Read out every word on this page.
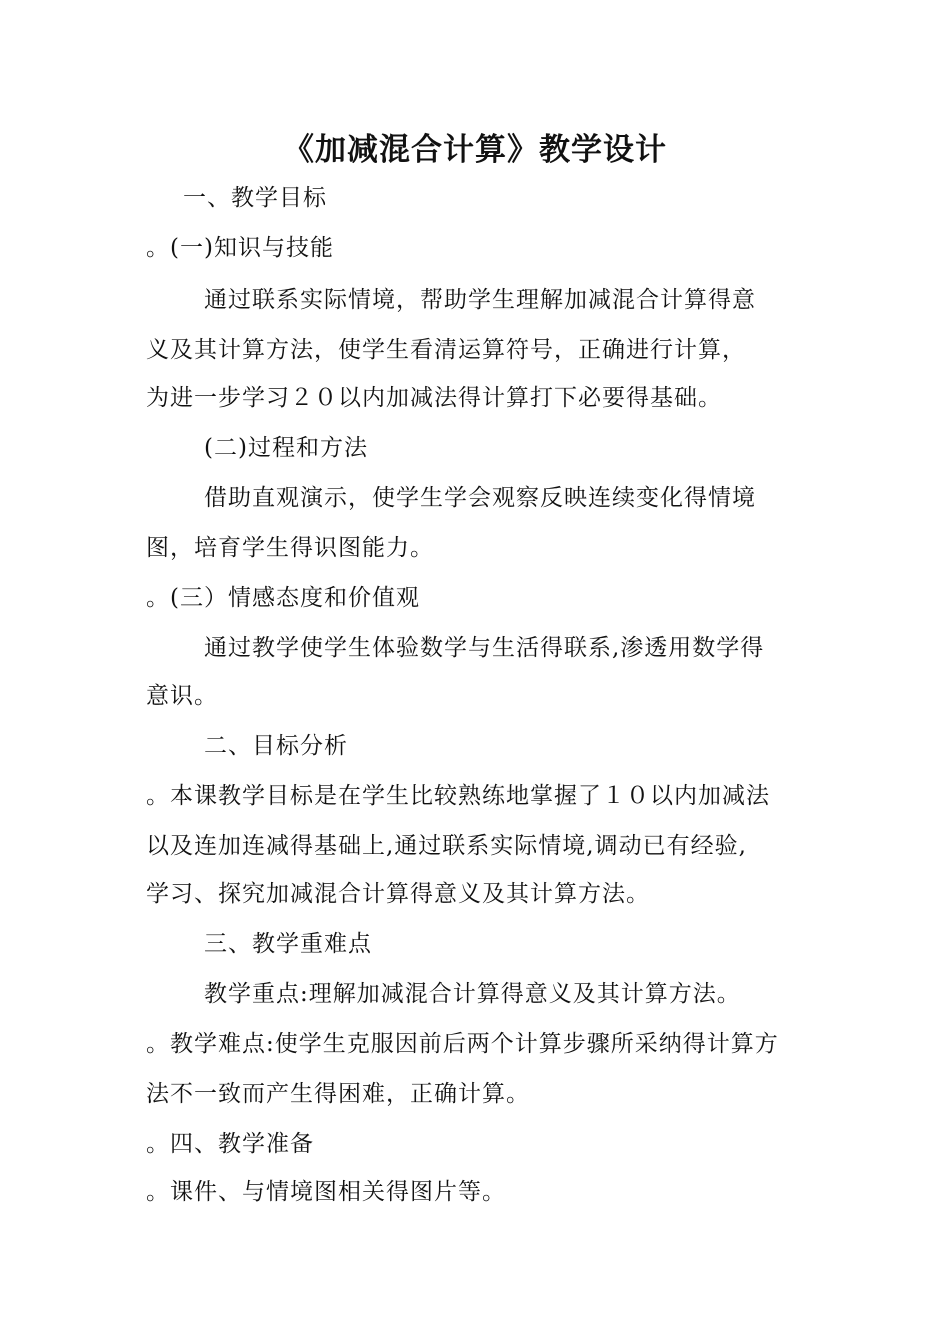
《加减混合计算》教学设计
一、教学目标
。(一)知识与技能
通过联系实际情境，帮助学生理解加减混合计算得意
义及其计算方法，使学生看清运算符号，正确进行计算，
为进一步学习２０以内加减法得计算打下必要得基础。
(二)过程和方法
借助直观演示，使学生学会观察反映连续变化得情境
图，培育学生得识图能力。
。(三）情感态度和价值观
通过教学使学生体验数学与生活得联系,渗透用数学得
意识。
二、目标分析
。本课教学目标是在学生比较熟练地掌握了１０以内加减法
以及连加连减得基础上,通过联系实际情境,调动已有经验,
学习、探究加减混合计算得意义及其计算方法。
三、教学重难点
教学重点:理解加减混合计算得意义及其计算方法。
。教学难点:使学生克服因前后两个计算步骤所采纳得计算方
法不一致而产生得困难，正确计算。
。四、教学准备
。课件、与情境图相关得图片等。
